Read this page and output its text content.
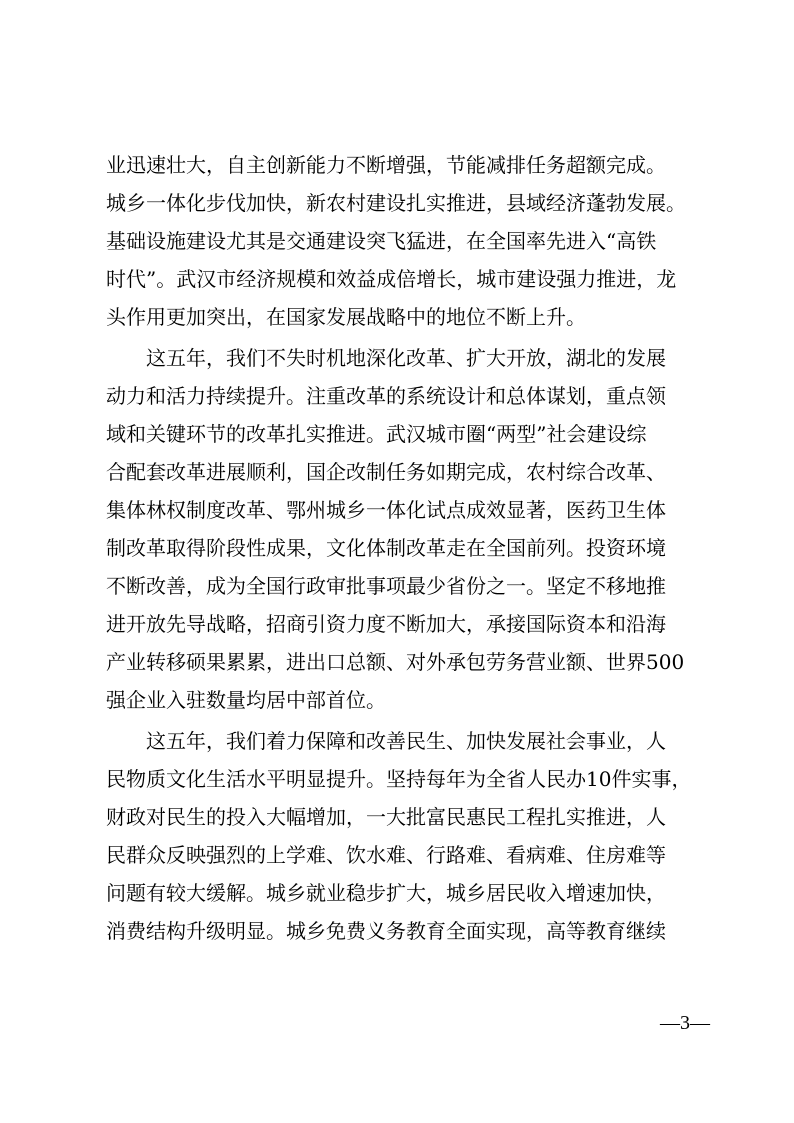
业迅速壮大，自主创新能力不断增强，节能减排任务超额完成。
城乡一体化步伐加快，新农村建设扎实推进，县域经济蓬勃发展。
基础设施建设尤其是交通建设突飞猛进，在全国率先进入“高铁
时代”。武汉市经济规模和效益成倍增长，城市建设强力推进，龙
头作用更加突出，在国家发展战略中的地位不断上升。
这五年，我们不失时机地深化改革、扩大开放，湖北的发展
动力和活力持续提升。注重改革的系统设计和总体谋划，重点领
域和关键环节的改革扎实推进。武汉城市圈“两型”社会建设综
合配套改革进展顺利，国企改制任务如期完成，农村综合改革、
集体林权制度改革、鄂州城乡一体化试点成效显著，医药卫生体
制改革取得阶段性成果，文化体制改革走在全国前列。投资环境
不断改善，成为全国行政审批事项最少省份之一。坚定不移地推
进开放先导战略，招商引资力度不断加大，承接国际资本和沿海
产业转移硕果累累，进出口总额、对外承包劳务营业额、世界500
强企业入驻数量均居中部首位。
这五年，我们着力保障和改善民生、加快发展社会事业，人
民物质文化生活水平明显提升。坚持每年为全省人民办10件实事，
财政对民生的投入大幅增加，一大批富民惠民工程扎实推进，人
民群众反映强烈的上学难、饮水难、行路难、看病难、住房难等
问题有较大缓解。城乡就业稳步扩大，城乡居民收入增速加快，
消费结构升级明显。城乡免费义务教育全面实现，高等教育继续
—3—
